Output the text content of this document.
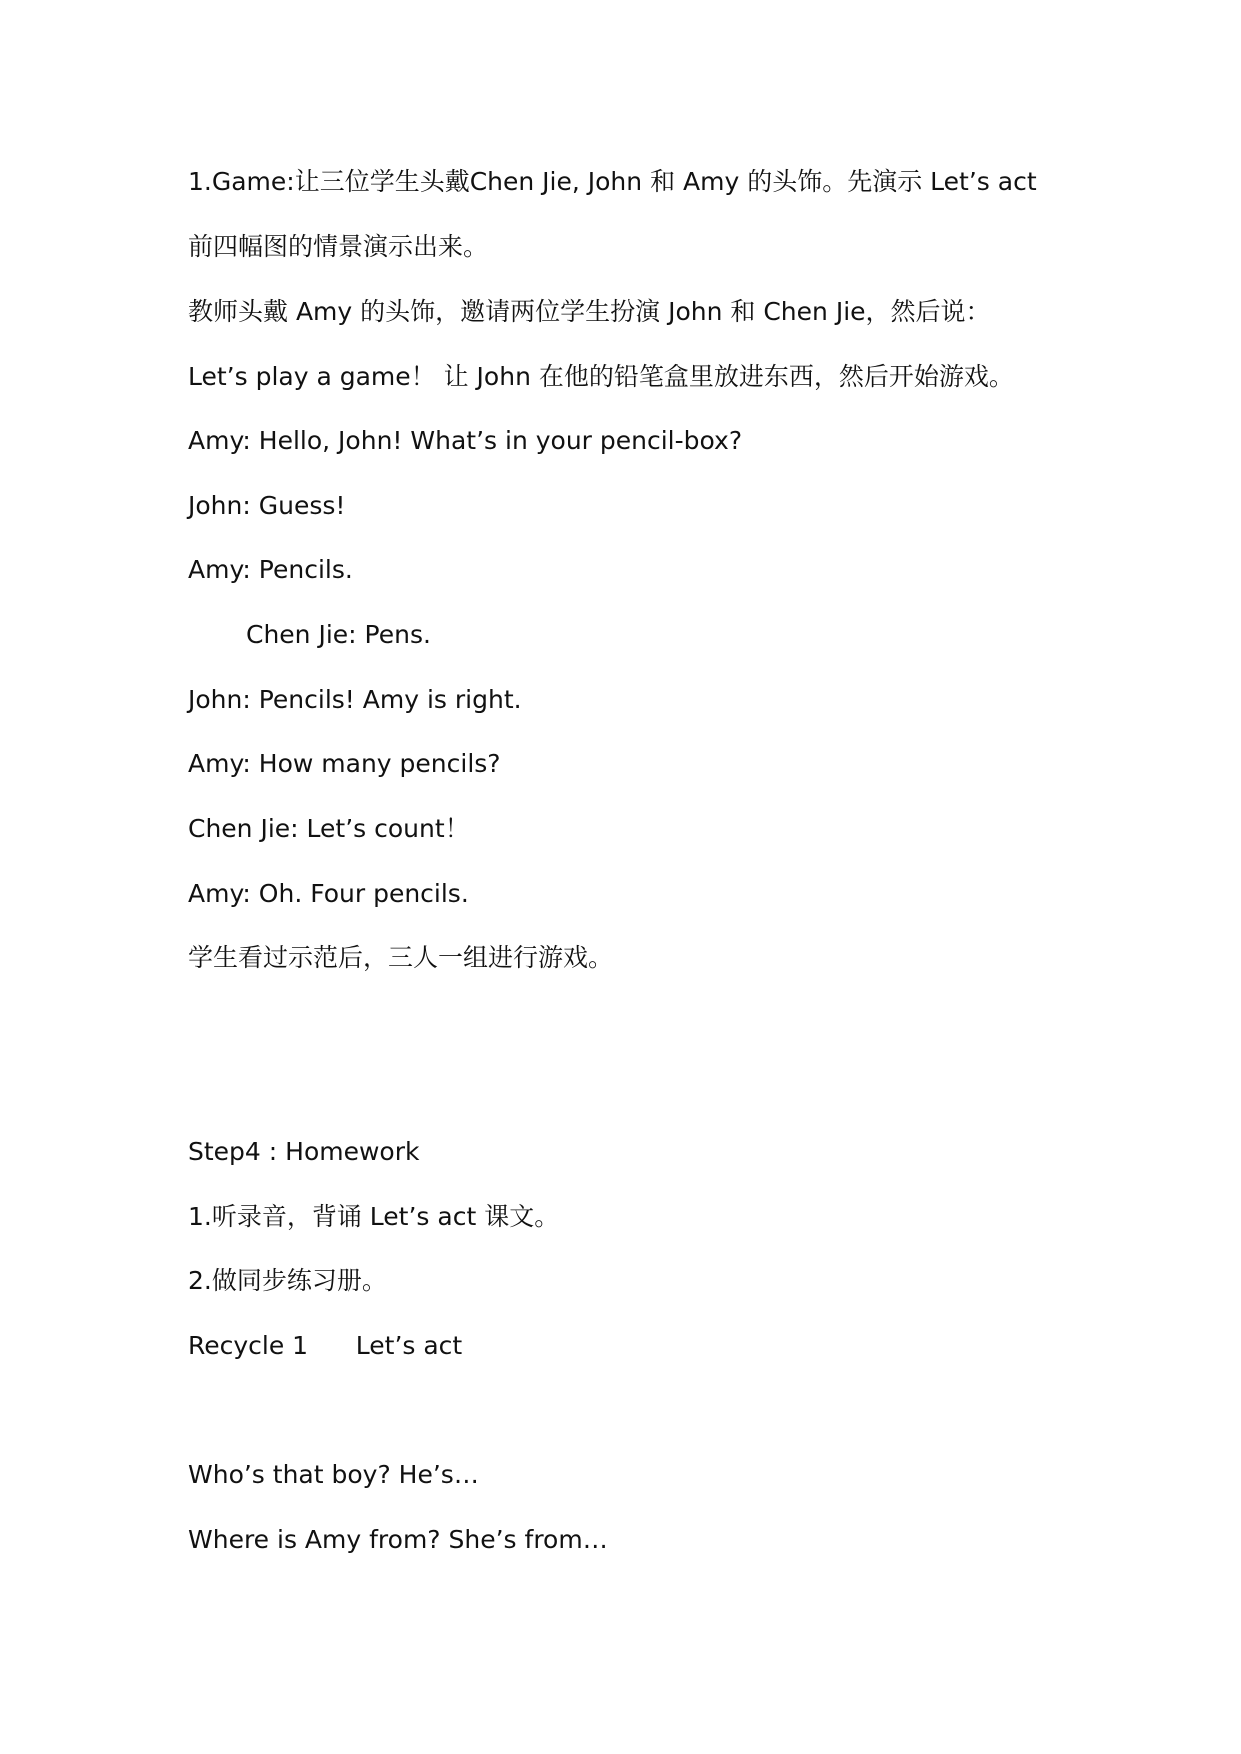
1.Game:让三位学生头戴Chen Jie, John 和 Amy 的头饰。先演示 Let’s act
前四幅图的情景演示出来。
教师头戴 Amy 的头饰，邀请两位学生扮演 John 和 Chen Jie，然后说：
Let’s play a game！ 让 John 在他的铅笔盒里放进东西，然后开始游戏。
Amy: Hello, John! What’s in your pencil-box?
John: Guess!
Amy: Pencils.
Chen Jie: Pens.
John: Pencils! Amy is right.
Amy: How many pencils?
Chen Jie: Let’s count！
Amy: Oh. Four pencils.
学生看过示范后，三人一组进行游戏。
Step4 : Homework
1.听录音，背诵 Let’s act 课文。
2.做同步练习册。
Recycle 1      Let’s act
Who’s that boy? He’s…
Where is Amy from? She’s from…
